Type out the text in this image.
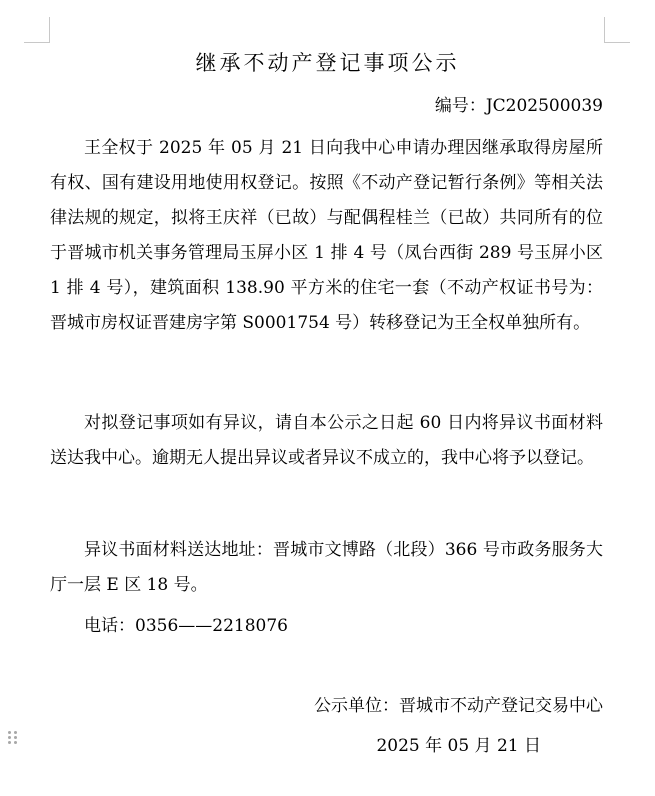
继承不动产登记事项公示
编号：JC202500039

王全权于 2025 年 05 月 21 日向我中心申请办理因继承取得房屋所有权、国有建设用地使用权登记。按照《不动产登记暂行条例》等相关法律法规的规定，拟将王庆祥（已故）与配偶程桂兰（已故）共同所有的位于晋城市机关事务管理局玉屏小区 1 排 4 号（凤台西街 289 号玉屏小区 1 排 4 号），建筑面积 138.90 平方米的住宅一套（不动产权证书号为：晋城市房权证晋建房字第 S0001754 号）转移登记为王全权单独所有。

对拟登记事项如有异议，请自本公示之日起 60 日内将异议书面材料送达我中心。逾期无人提出异议或者异议不成立的，我中心将予以登记。

异议书面材料送达地址：晋城市文博路（北段）366 号市政务服务大厅一层 E 区 18 号。

电话：0356——2218076
公示单位：晋城市不动产登记交易中心
2025 年 05 月 21 日
